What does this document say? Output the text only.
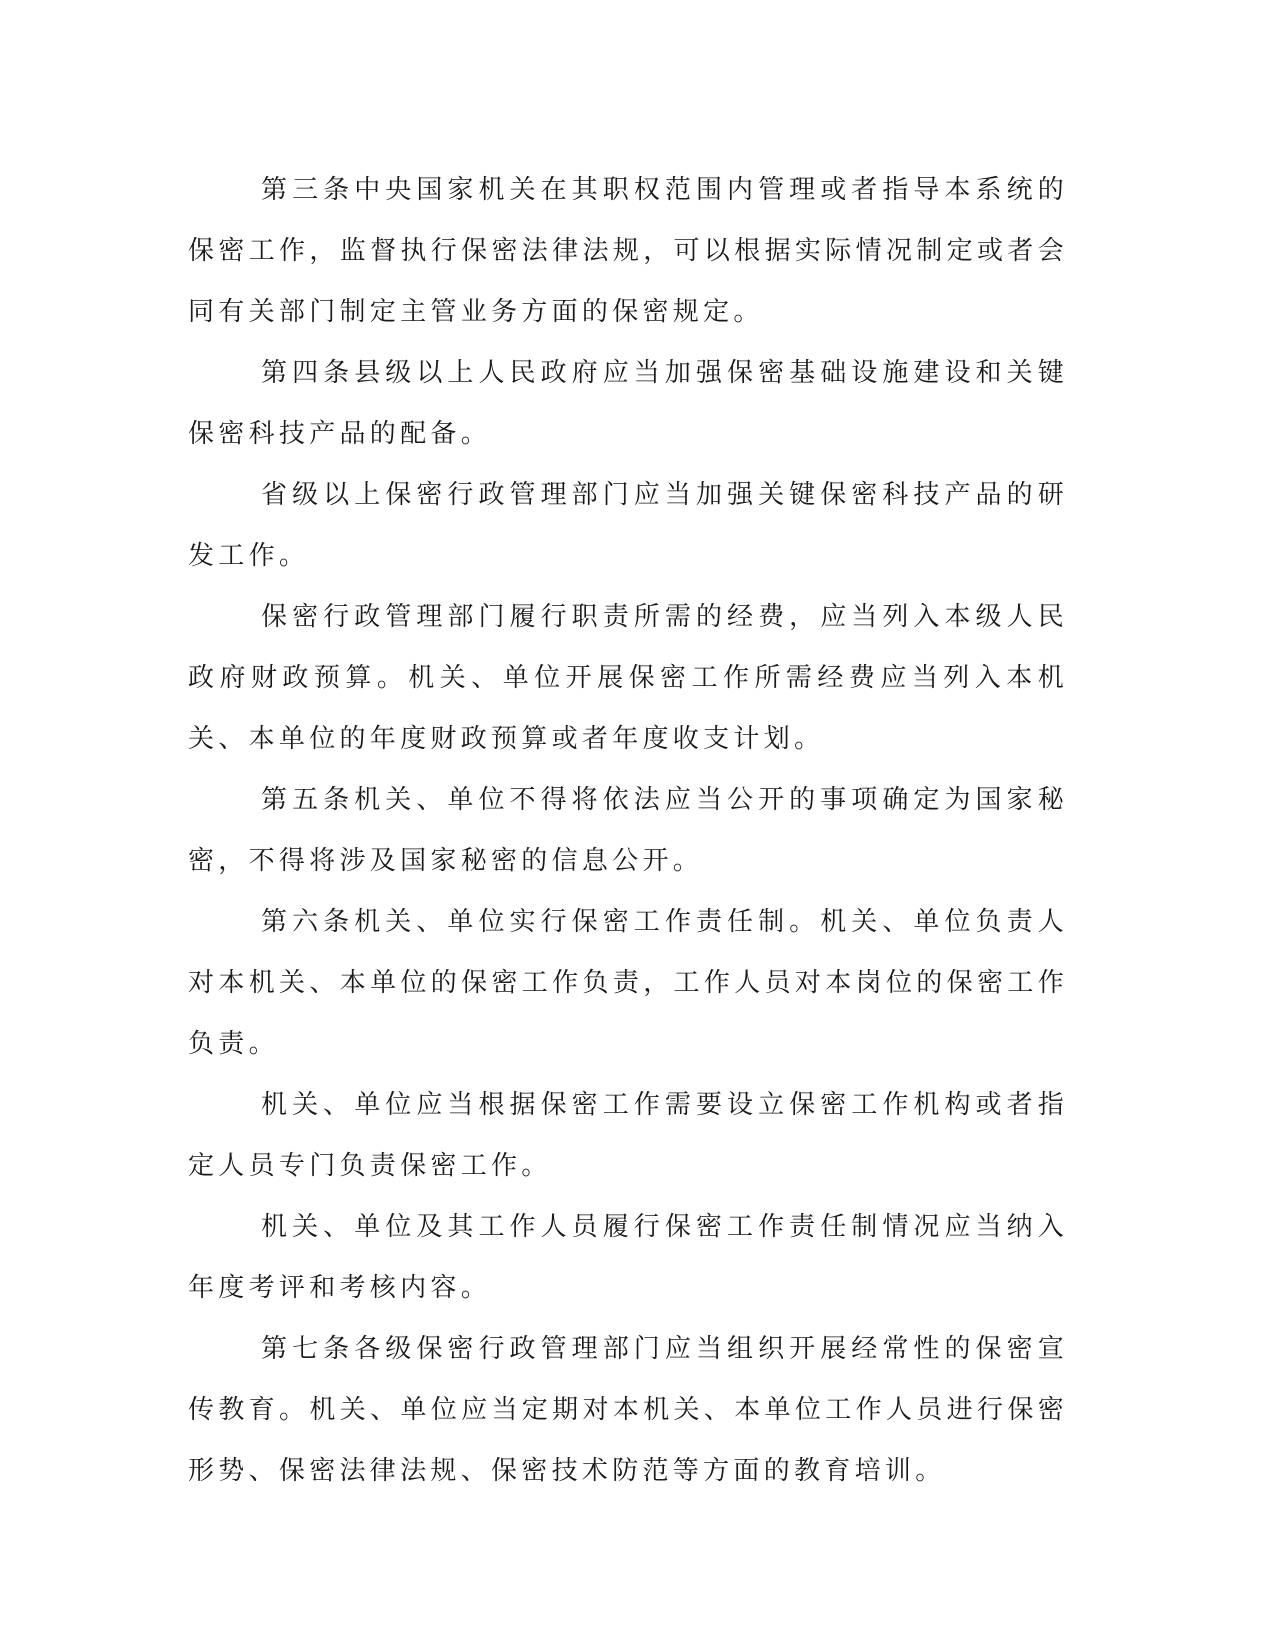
第三条中央国家机关在其职权范围内管理或者指导本系统的保密工作，监督执行保密法律法规，可以根据实际情况制定或者会同有关部门制定主管业务方面的保密规定。

第四条县级以上人民政府应当加强保密基础设施建设和关键保密科技产品的配备。

省级以上保密行政管理部门应当加强关键保密科技产品的研发工作。

保密行政管理部门履行职责所需的经费，应当列入本级人民政府财政预算。机关、单位开展保密工作所需经费应当列入本机关、本单位的年度财政预算或者年度收支计划。

第五条机关、单位不得将依法应当公开的事项确定为国家秘密，不得将涉及国家秘密的信息公开。

第六条机关、单位实行保密工作责任制。机关、单位负责人对本机关、本单位的保密工作负责，工作人员对本岗位的保密工作负责。

机关、单位应当根据保密工作需要设立保密工作机构或者指定人员专门负责保密工作。

机关、单位及其工作人员履行保密工作责任制情况应当纳入年度考评和考核内容。

第七条各级保密行政管理部门应当组织开展经常性的保密宣传教育。机关、单位应当定期对本机关、本单位工作人员进行保密形势、保密法律法规、保密技术防范等方面的教育培训。
